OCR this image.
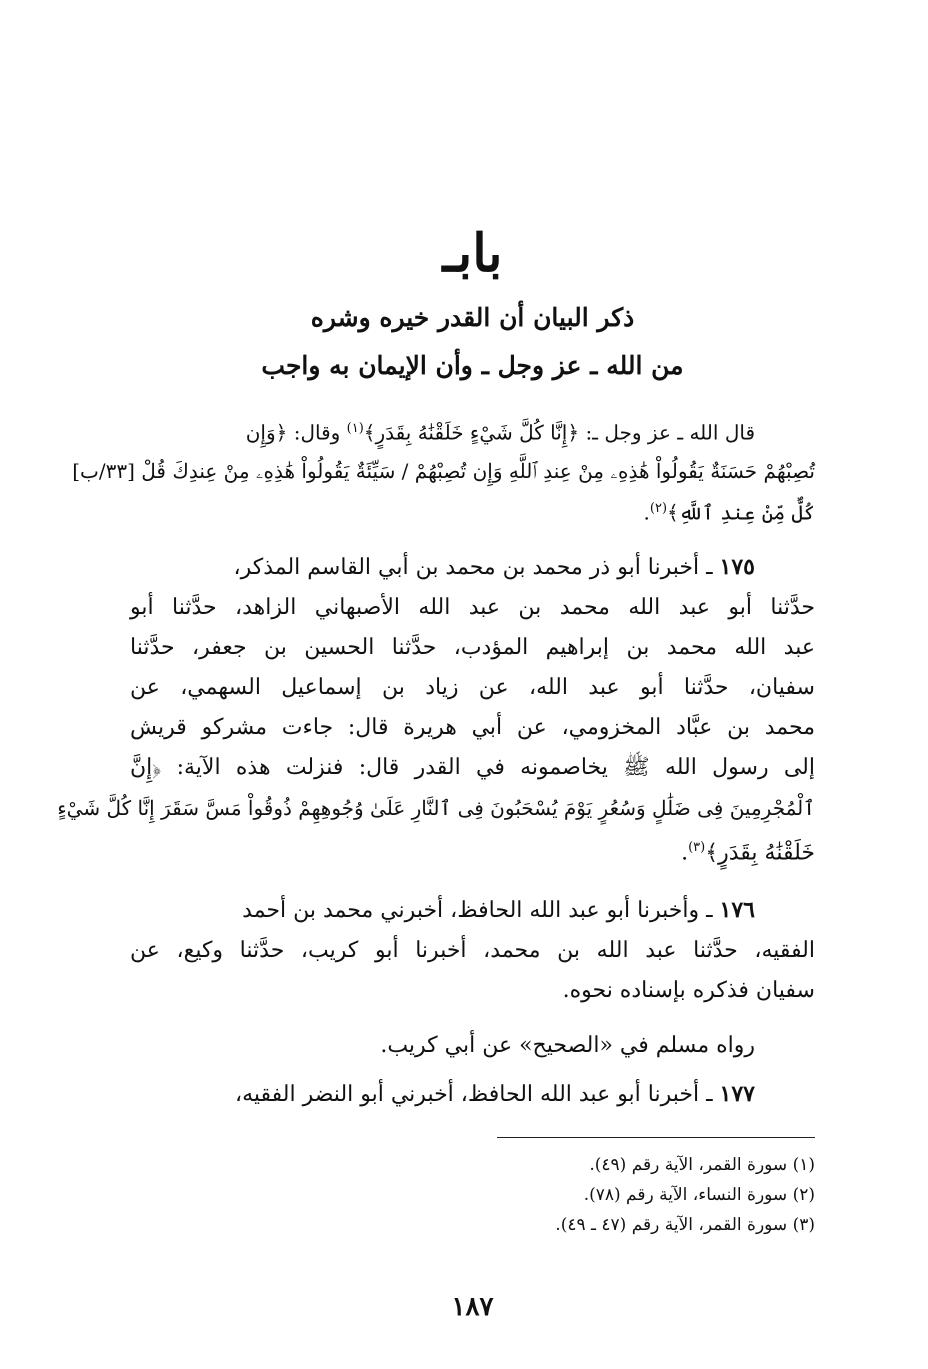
بابـ
ذكر البيان أن القدر خيره وشره
من الله ـ عز وجل ـ وأن الإيمان به واجب
قال الله ـ عز وجل ـ: ﴿إِنَّا كُلَّ شَيْءٍ خَلَقْنَٰهُ بِقَدَرٍ﴾$^{(١)}$ وقال: ﴿وَإِن
تُصِبْهُمْ حَسَنَةٌ يَقُولُواْ هَٰذِهِۦ مِنْ عِندِ ٱللَّهِ وَإِن تُصِبْهُمْ / سَيِّئَةٌ يَقُولُواْ هَٰذِهِۦ مِنْ عِندِكَ قُلْ [٣٣/ب]
كُلٌّ مِّنْ عِندِ ٱللَّهِ﴾$^{(٢)}$.
١٧٥ ـ أخبرنا أبو ذر محمد بن محمد بن أبي القاسم المذكر،
حدَّثنا أبو عبد الله محمد بن عبد الله الأصبهاني الزاهد، حدَّثنا أبو
عبد الله محمد بن إبراهيم المؤدب، حدَّثنا الحسين بن جعفر، حدَّثنا
سفيان، حدَّثنا أبو عبد الله، عن زياد بن إسماعيل السهمي، عن
محمد بن عبَّاد المخزومي، عن أبي هريرة قال: جاءت مشركو قريش
إلى رسول الله ﷺ يخاصمونه في القدر قال: فنزلت هذه الآية: ﴿إِنَّ
ٱلْمُجْرِمِينَ فِى ضَلَٰلٍ وَسُعُرٍ يَوْمَ يُسْحَبُونَ فِى ٱلنَّارِ عَلَىٰ وُجُوهِهِمْ ذُوقُواْ مَسَّ سَقَرَ إِنَّا كُلَّ شَيْءٍ
خَلَقْنَٰهُ بِقَدَرٍ﴾$^{(٣)}$.
١٧٦ ـ وأخبرنا أبو عبد الله الحافظ، أخبرني محمد بن أحمد
الفقيه، حدَّثنا عبد الله بن محمد، أخبرنا أبو كريب، حدَّثنا وكيع، عن
سفيان فذكره بإسناده نحوه.
رواه مسلم في «الصحيح» عن أبي كريب.
١٧٧ ـ أخبرنا أبو عبد الله الحافظ، أخبرني أبو النضر الفقيه،
(١) سورة القمر، الآية رقم (٤٩).
(٢) سورة النساء، الآية رقم (٧٨).
(٣) سورة القمر، الآية رقم (٤٧ ـ ٤٩).
١٨٧
